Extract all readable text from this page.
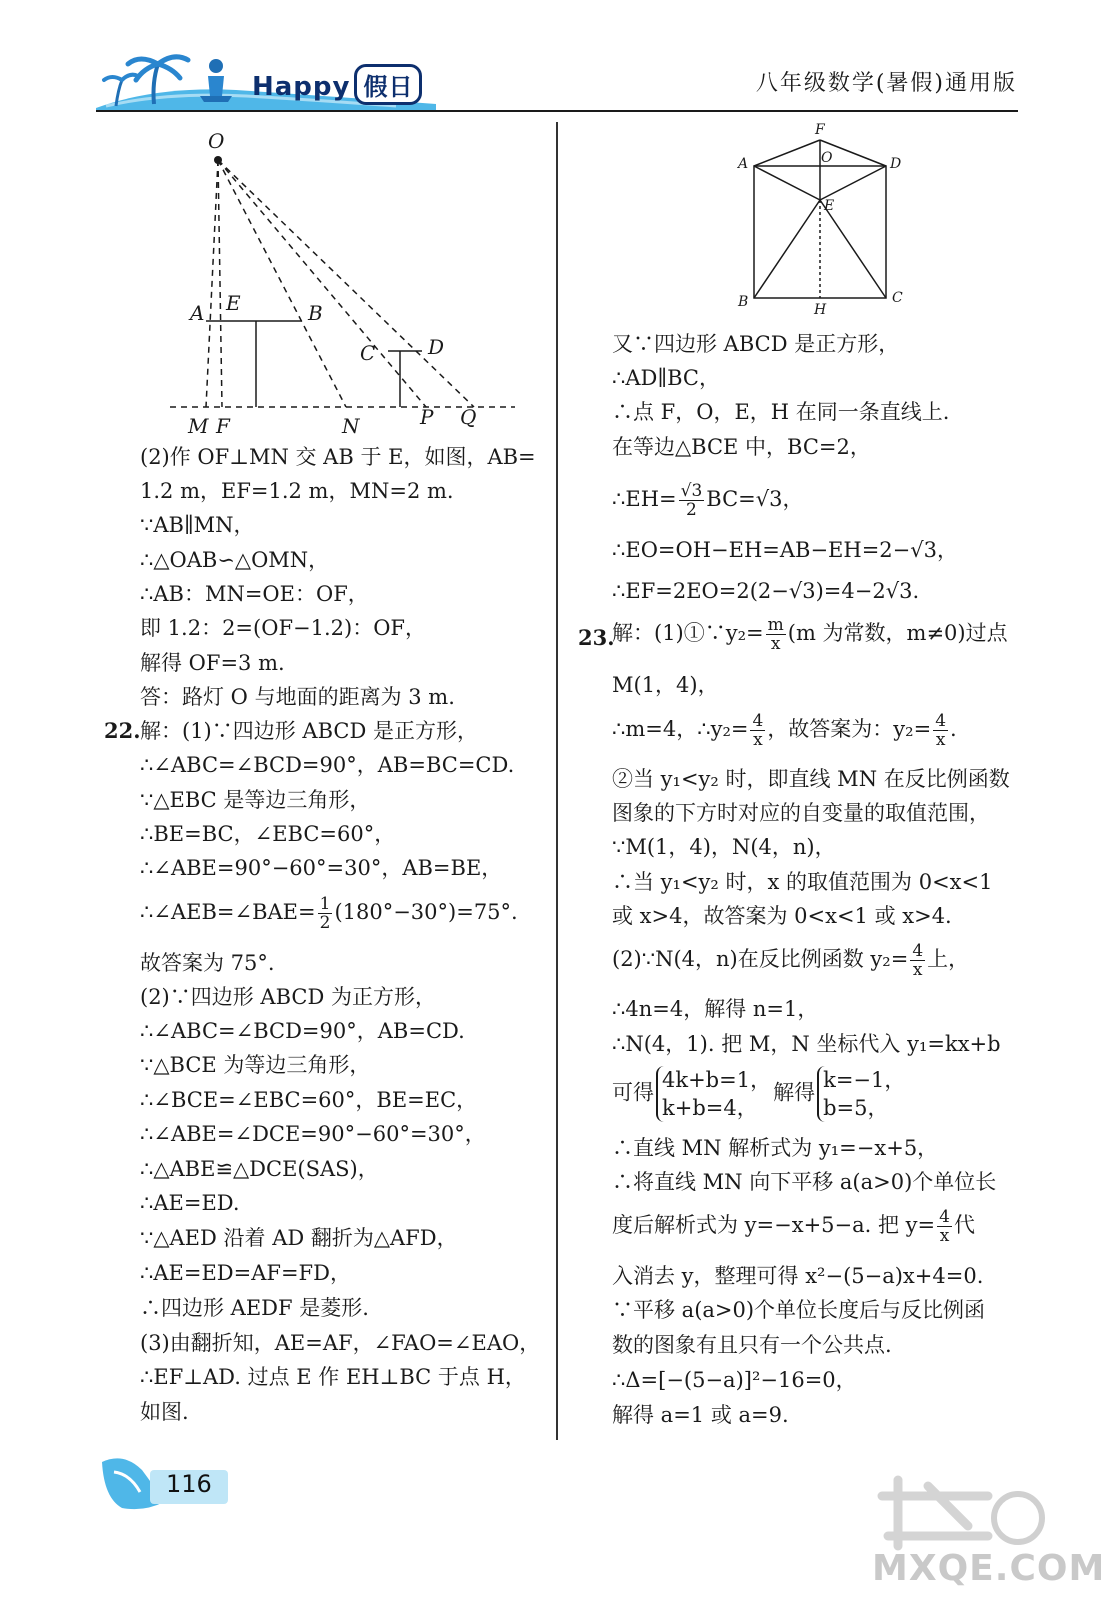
Happy 假日	八年级数学(暑假)通用版
O
A E	B
C	D
M F	N	P Q
F
O
A	D
E
B	H
C
(2)作 OF⊥MN 交 AB 于 E，如图，AB=
1.2 m，EF=1.2 m，MN=2 m.
∵AB∥MN，
∴△OAB∽△OMN，
∴AB：MN=OE：OF，
即 1.2：2=(OF−1.2)：OF，
解得 OF=3 m.
答：路灯 O 与地面的距离为 3 m.
22. 解：(1)∵四边形 ABCD 是正方形，
∴∠ABC=∠BCD=90°，AB=BC=CD.
∵△EBC 是等边三角形，
∴BE=BC，∠EBC=60°，
∴∠ABE=90°−60°=30°，AB=BE，
∴∠AEB=∠BAE= $\frac{1}{2} (180^\circ-30^\circ)=75^\circ$.
故答案为 75°.
(2)∵四边形 ABCD 为正方形，
∴∠ABC=∠BCD=90°，AB=CD.
∵△BCE 为等边三角形，
∴∠BCE=∠EBC=60°，BE=EC，
∴∠ABE=∠DCE=90°−60°=30°，
∴△ABE≌△DCE(SAS)，
∴AE=ED.
∵△AED 沿着 AD 翻折为△AFD，
∴AE=ED=AF=FD，
∴四边形 AEDF 是菱形.
(3)由翻折知，AE=AF，∠FAO=∠EAO，
∴EF⊥AD. 过点 E 作 EH⊥BC 于点 H，
如图.
又∵四边形 ABCD 是正方形，
∴AD∥BC，
∴点 F，O，E，H 在同一条直线上.
在等边△BCE 中，BC=2，
∴EH= $\frac{√3}{2} BC=√3$，
∴EO=OH−EH=AB−EH=2−√3，
∴EF=2EO=2(2−√3)=4−2√3.
23.
解：(1)①∵y₂= $\frac{m}{x} (m$ 为常数，m≠0)过点
M(1，4)，
∴m=4，∴y₂= $\frac{4}{x}$ ，故答案为：$y_2= \frac{4}{x}$ .
②当 y₁<y₂ 时，即直线 MN 在反比例函数
图象的下方时对应的自变量的取值范围，
∵M(1，4)，N(4，n)，
∴当 y₁<y₂ 时，x 的取值范围为 0<x<1
或 x>4，故答案为 0<x<1 或 x>4.
(2)∵N(4，n)在反比例函数 $y_2= \frac{4}{x}$ 上，
∴4n=4，解得 n=1，
∴N(4，1). 把 M，N 坐标代入 y₁=kx+b
可得
4k+b=1，
k+b=4，
解得
k=−1，
b=5，
∴直线 MN 解析式为 y₁=−x+5，
∴将直线 MN 向下平移 a(a>0)个单位长
度后解析式为 y=−x+5−a. 把 $y= \frac{4}{x}$ 代
入消去 y，整理可得 x²−(5−a)x+4=0.
∵平移 a(a>0)个单位长度后与反比例函
数的图象有且只有一个公共点.
∴Δ=[−(5−a)]²−16=0，
解得 a=1 或 a=9.
116
MXQE.COM
